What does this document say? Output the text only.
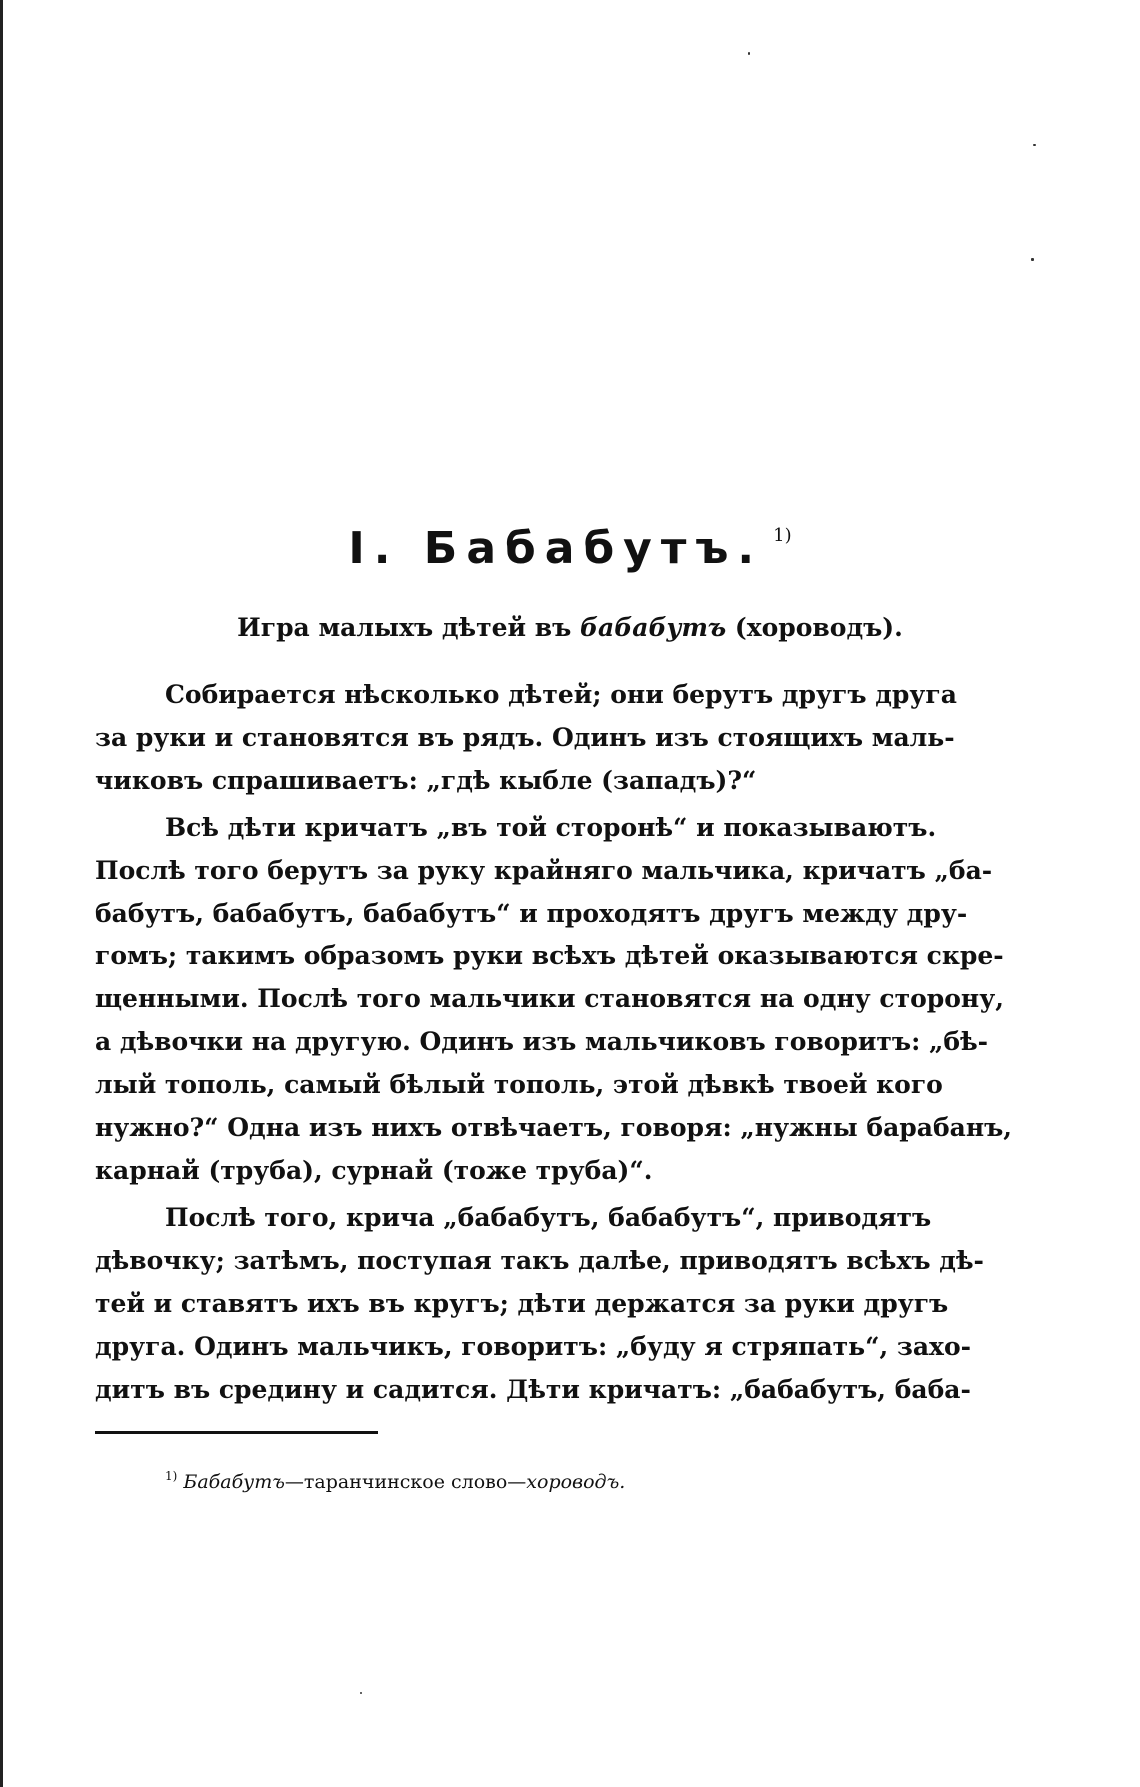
I. Бабабутъ. $^{1)}$
Игра малыхъ дѣтей въ бабабутъ (хороводъ).
Собирается нѣсколько дѣтей; они берутъ другъ друга
за руки и становятся въ рядъ. Одинъ изъ стоящихъ маль-
чиковъ спрашиваетъ: „гдѣ кыбле (западъ)?“
Всѣ дѣти кричатъ „въ той сторонѣ“ и показываютъ.
Послѣ того берутъ за руку крайняго мальчика, кричатъ „ба-
бабутъ, бабабутъ, бабабутъ“ и проходятъ другъ между дру-
гомъ; такимъ образомъ руки всѣхъ дѣтей оказываются скре-
щенными. Послѣ того мальчики становятся на одну сторону,
а дѣвочки на другую. Одинъ изъ мальчиковъ говоритъ: „бѣ-
лый тополь, самый бѣлый тополь, этой дѣвкѣ твоей кого
нужно?“ Одна изъ нихъ отвѣчаетъ, говоря: „нужны барабанъ,
карнай (труба), сурнай (тоже труба)“.
Послѣ того, крича „бабабутъ, бабабутъ“, приводятъ
дѣвочку; затѣмъ, поступая такъ далѣе, приводятъ всѣхъ дѣ-
тей и ставятъ ихъ въ кругъ; дѣти держатся за руки другъ
друга. Одинъ мальчикъ, говоритъ: „буду я стряпать“, захо-
дитъ въ средину и садится. Дѣти кричатъ: „бабабутъ, баба-
$^{1)}$ Бабабутъ—таранчинское слово—хороводъ.
